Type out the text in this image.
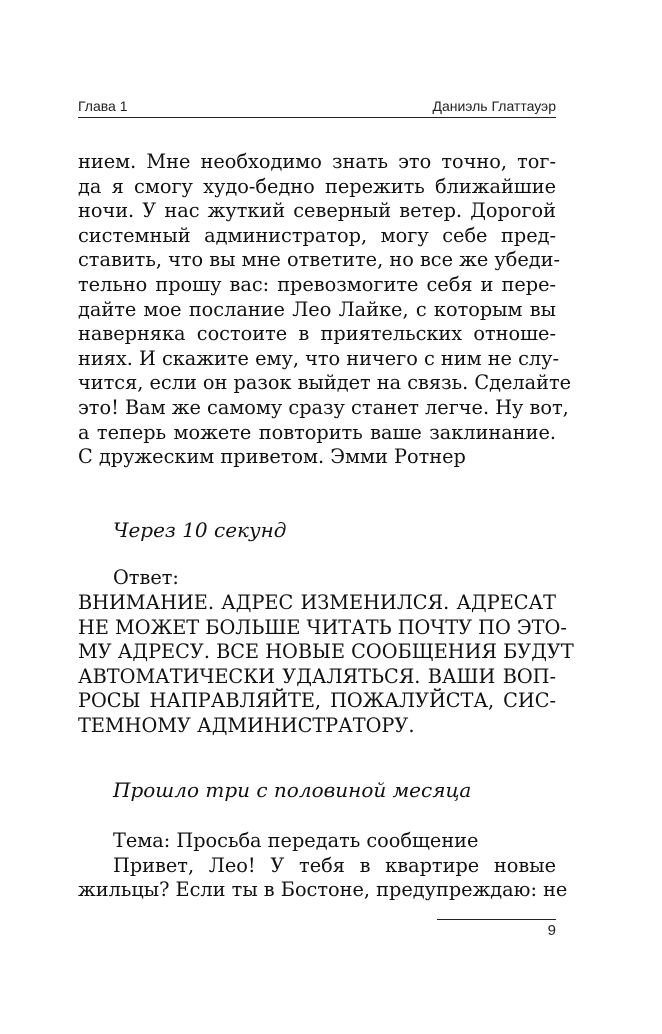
Глава 1	Даниэль Глаттауэр
нием. Мне необходимо знать это точно, тог-
да я смогу худо-бедно пережить ближайшие
ночи. У нас жуткий северный ветер. Дорогой
системный администратор, могу себе пред-
ставить, что вы мне ответите, но все же убеди-
тельно прошу вас: превозмогите себя и пере-
дайте мое послание Лео Лайке, с которым вы
наверняка состоите в приятельских отноше-
ниях. И скажите ему, что ничего с ним не слу-
чится, если он разок выйдет на связь. Сделайте
это! Вам же самому сразу станет легче. Ну вот,
а теперь можете повторить ваше заклинание.
С дружеским приветом. Эмми Ротнер
Через 10 секунд
Ответ:
ВНИМАНИЕ. АДРЕС ИЗМЕНИЛСЯ. АДРЕСАТ
НЕ МОЖЕТ БОЛЬШЕ ЧИТАТЬ ПОЧТУ ПО ЭТО-
МУ АДРЕСУ. ВСЕ НОВЫЕ СООБЩЕНИЯ БУДУТ
АВТОМАТИЧЕСКИ УДАЛЯТЬСЯ. ВАШИ ВОП-
РОСЫ НАПРАВЛЯЙТЕ, ПОЖАЛУЙСТА, СИС-
ТЕМНОМУ АДМИНИСТРАТОРУ.
Прошло три с половиной месяца
Тема: Просьба передать сообщение
Привет, Лео! У тебя в квартире новые
жильцы? Если ты в Бостоне, предупреждаю: не
9
